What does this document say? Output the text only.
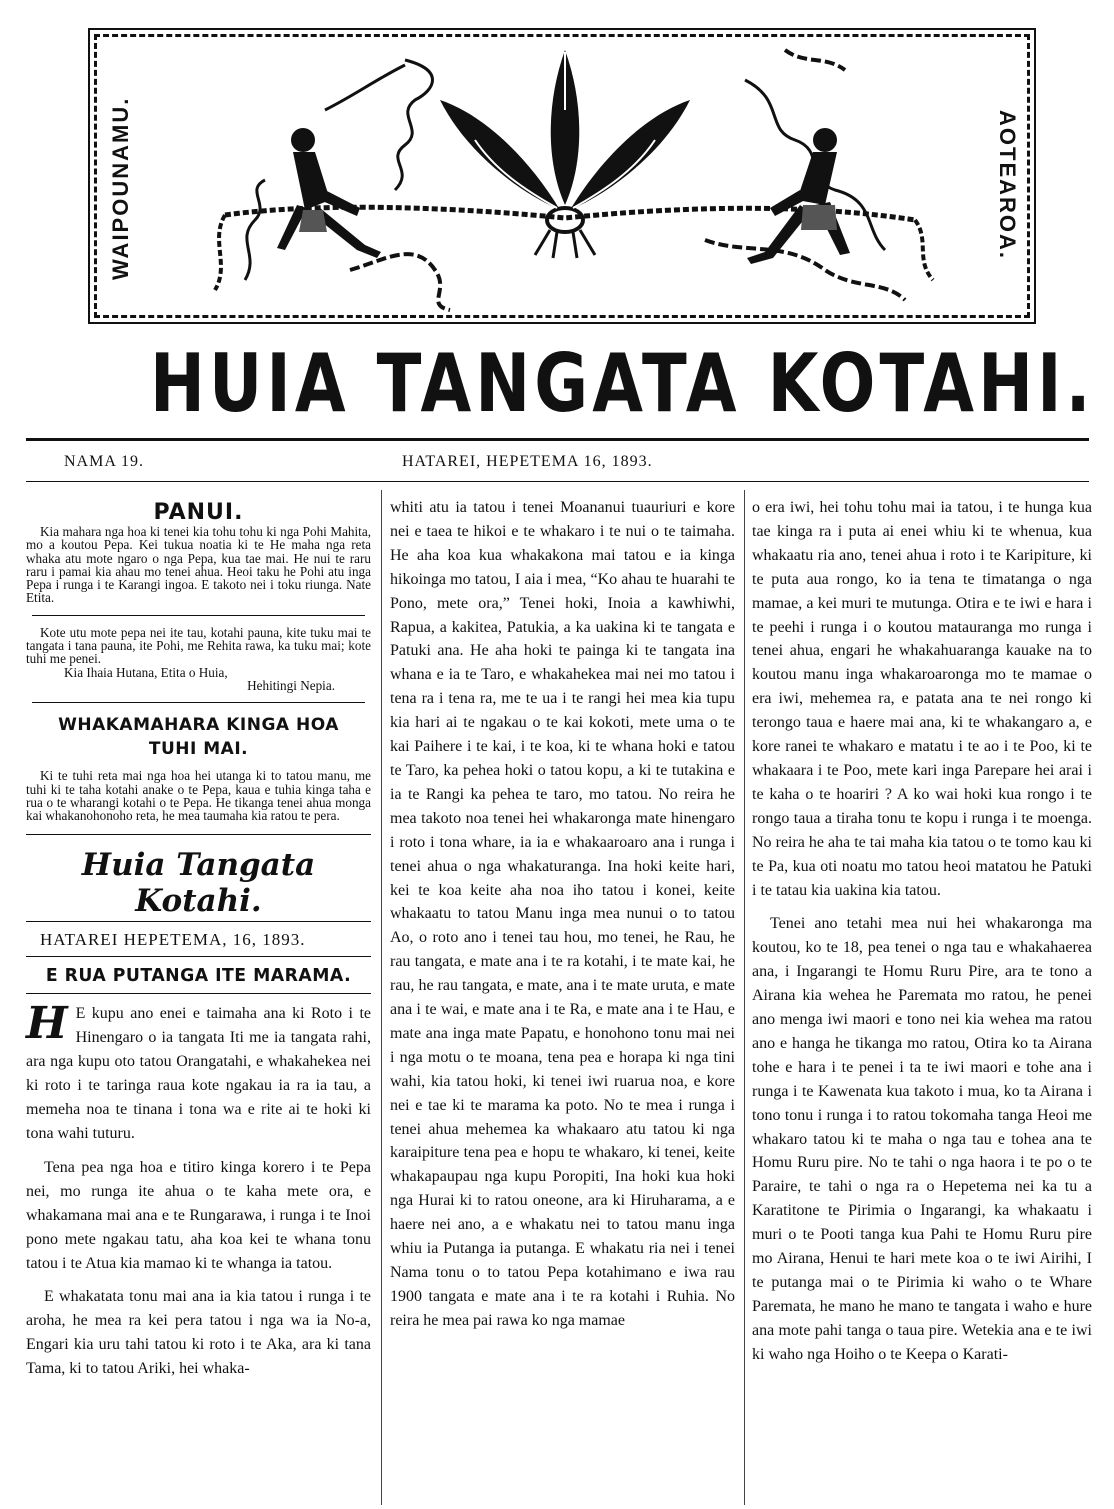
WAIPOUNAMU.	AOTEAROA.
HUIA TANGATA KOTAHI.
NAMA 19.	HATAREI, HEPETEMA 16, 1893.
PANUI.

Kia mahara nga hoa ki tenei kia tohu tohu ki nga Pohi Mahita, mo a koutou Pepa. Kei tukua noatia ki te He maha nga reta whaka atu mote ngaro o nga Pepa, kua tae mai. He nui te raru raru i pamai kia ahau mo tenei ahua. Heoi taku he Pohi atu inga Pepa i runga i te Karangi ingoa. E takoto nei i toku riunga. Nate Etita.

Kote utu mote pepa nei ite tau, kotahi pauna, kite tuku mai te tangata i tana pauna, ite Pohi, me Rehita rawa, ka tuku mai; kote tuhi me penei.

Kia Ihaia Hutana, Etita o Huia,

Hehitingi Nepia.

WHAKAMAHARA KINGA HOA
TUHI MAI.

Ki te tuhi reta mai nga hoa hei utanga ki to tatou manu, me tuhi ki te taha kotahi anake o te Pepa, kaua e tuhia kinga taha e rua o te wharangi kotahi o te Pepa. He tikanga tenei ahua monga kai whakanohonoho reta, he mea taumaha kia ratou te pera.

Huia Tangata Kotahi.
HATAREI HEPETEMA, 16, 1893.
E RUA PUTANGA ITE MARAMA.

H E kupu ano enei e taimaha ana ki Roto i te Hinengaro o ia tangata Iti me ia tangata rahi, ara nga kupu oto tatou Orangatahi, e whakahekea nei ki roto i te taringa raua kote ngakau ia ra ia tau, a memeha noa te tinana i tona wa e rite ai te hoki ki tona wahi tuturu.

Tena pea nga hoa e titiro kinga korero i te Pepa nei, mo runga ite ahua o te kaha mete ora, e whakamana mai ana e te Rungarawa, i runga i te Inoi pono mete ngakau tatu, aha koa kei te whana tonu tatou i te Atua kia mamao ki te whanga ia tatou.

E whakatata tonu mai ana ia kia tatou i runga i te aroha, he mea ra kei pera tatou i nga wa ia No-a, Engari kia uru tahi tatou ki roto i te Aka, ara ki tana Tama, ki to tatou Ariki, hei whaka-

whiti atu ia tatou i tenei Moananui tuauriuri e kore nei e taea te hikoi e te whakaro i te nui o te taimaha. He aha koa kua whakakona mai tatou e ia kinga hikoinga mo tatou, I aia i mea, “Ko ahau te huarahi te Pono, mete ora,” Tenei hoki, Inoia a kawhiwhi, Rapua, a kakitea, Patukia, a ka uakina ki te tangata e Patuki ana. He aha hoki te painga ki te tangata ina whana e ia te Taro, e whakahekea mai nei mo tatou i tena ra i tena ra, me te ua i te rangi hei mea kia tupu kia hari ai te ngakau o te kai kokoti, mete uma o te kai Paihere i te kai, i te koa, ki te whana hoki e tatou te Taro, ka pehea hoki o tatou kopu, a ki te tutakina e ia te Rangi ka pehea te taro, mo tatou. No reira he mea takoto noa tenei hei whakaronga mate hinengaro i roto i tona whare, ia ia e whakaaroaro ana i runga i tenei ahua o nga whakaturanga. Ina hoki keite hari, kei te koa keite aha noa iho tatou i konei, keite whakaatu to tatou Manu inga mea nunui o to tatou Ao, o roto ano i tenei tau hou, mo tenei, he Rau, he rau tangata, e mate ana i te ra kotahi, i te mate kai, he rau, he rau tangata, e mate, ana i te mate uruta, e mate ana i te wai, e mate ana i te Ra, e mate ana i te Hau, e mate ana inga mate Papatu, e honohono tonu mai nei i nga motu o te moana, tena pea e horapa ki nga tini wahi, kia tatou hoki, ki tenei iwi ruarua noa, e kore nei e tae ki te marama ka poto. No te mea i runga i tenei ahua mehemea ka whakaaro atu tatou ki nga karaipiture tena pea e hopu te whakaro, ki tenei, keite whakapaupau nga kupu Poropiti, Ina hoki kua hoki nga Hurai ki to ratou oneone, ara ki Hiruharama, a e haere nei ano, a e whakatu nei to tatou manu inga whiu ia Putanga ia putanga. E whakatu ria nei i tenei Nama tonu o to tatou Pepa kotahimano e iwa rau 1900 tangata e mate ana i te ra kotahi i Ruhia. No reira he mea pai rawa ko nga mamae

o era iwi, hei tohu tohu mai ia tatou, i te hunga kua tae kinga ra i puta ai enei whiu ki te whenua, kua whakaatu ria ano, tenei ahua i roto i te Karipiture, ki te puta aua rongo, ko ia tena te timatanga o nga mamae, a kei muri te mutunga. Otira e te iwi e hara i te peehi i runga i o koutou matauranga mo runga i tenei ahua, engari he whakahuaranga kauake na to koutou manu inga whakaroaronga mo te mamae o era iwi, mehemea ra, e patata ana te nei rongo ki terongo taua e haere mai ana, ki te whakangaro a, e kore ranei te whakaro e matatu i te ao i te Poo, ki te whakaara i te Poo, mete kari inga Parepare hei arai i te kaha o te hoariri ? A ko wai hoki kua rongo i te rongo taua a tiraha tonu te kopu i runga i te moenga. No reira he aha te tai maha kia tatou o te tomo kau ki te Pa, kua oti noatu mo tatou heoi matatou he Patuki i te tatau kia uakina kia tatou.

Tenei ano tetahi mea nui hei whakaronga ma koutou, ko te 18, pea tenei o nga tau e whakahaerea ana, i Ingarangi te Homu Ruru Pire, ara te tono a Airana kia wehea he Paremata mo ratou, he penei ano menga iwi maori e tono nei kia wehea ma ratou ano e hanga he tikanga mo ratou, Otira ko ta Airana tohe e hara i te penei i ta te iwi maori e tohe ana i runga i te Kawenata kua takoto i mua, ko ta Airana i tono tonu i runga i to ratou tokomaha tanga Heoi me whakaro tatou ki te maha o nga tau e tohea ana te Homu Ruru pire. No te tahi o nga haora i te po o te Paraire, te tahi o nga ra o Hepetema nei ka tu a Karatitone te Pirimia o Ingarangi, ka whakaatu i muri o te Pooti tanga kua Pahi te Homu Ruru pire mo Airana, Henui te hari mete koa o te iwi Airihi, I te putanga mai o te Pirimia ki waho o te Whare Paremata, he mano he mano te tangata i waho e hure ana mote pahi tanga o taua pire. Wetekia ana e te iwi ki waho nga Hoiho o te Keepa o Karati-
